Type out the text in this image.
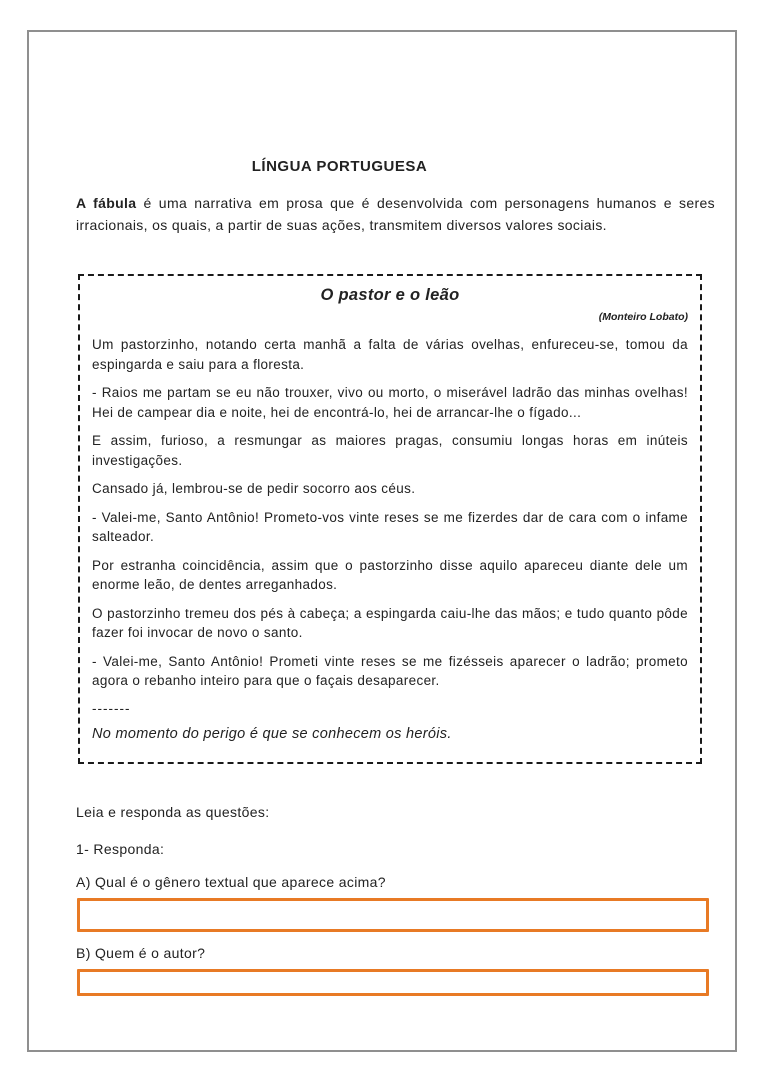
LÍNGUA PORTUGUESA

A fábula é uma narrativa em prosa que é desenvolvida com personagens humanos e seres irracionais, os quais, a partir de suas ações, transmitem diversos valores sociais.

O pastor e o leão
(Monteiro Lobato)

Um pastorzinho, notando certa manhã a falta de várias ovelhas, enfureceu-se, tomou da espingarda e saiu para a floresta.

- Raios me partam se eu não trouxer, vivo ou morto, o miserável ladrão das minhas ovelhas! Hei de campear dia e noite, hei de encontrá-lo, hei de arrancar-lhe o fígado...

E assim, furioso, a resmungar as maiores pragas, consumiu longas horas em inúteis investigações.

Cansado já, lembrou-se de pedir socorro aos céus.

- Valei-me, Santo Antônio! Prometo-vos vinte reses se me fizerdes dar de cara com o infame salteador.

Por estranha coincidência, assim que o pastorzinho disse aquilo apareceu diante dele um enorme leão, de dentes arreganhados.

O pastorzinho tremeu dos pés à cabeça; a espingarda caiu-lhe das mãos; e tudo quanto pôde fazer foi invocar de novo o santo.

- Valei-me, Santo Antônio! Prometi vinte reses se me fizésseis aparecer o ladrão; prometo agora o rebanho inteiro para que o façais desaparecer.

-------

No momento do perigo é que se conhecem os heróis.

Leia e responda as questões:

1- Responda:

A) Qual é o gênero textual que aparece acima?

B) Quem é o autor?
